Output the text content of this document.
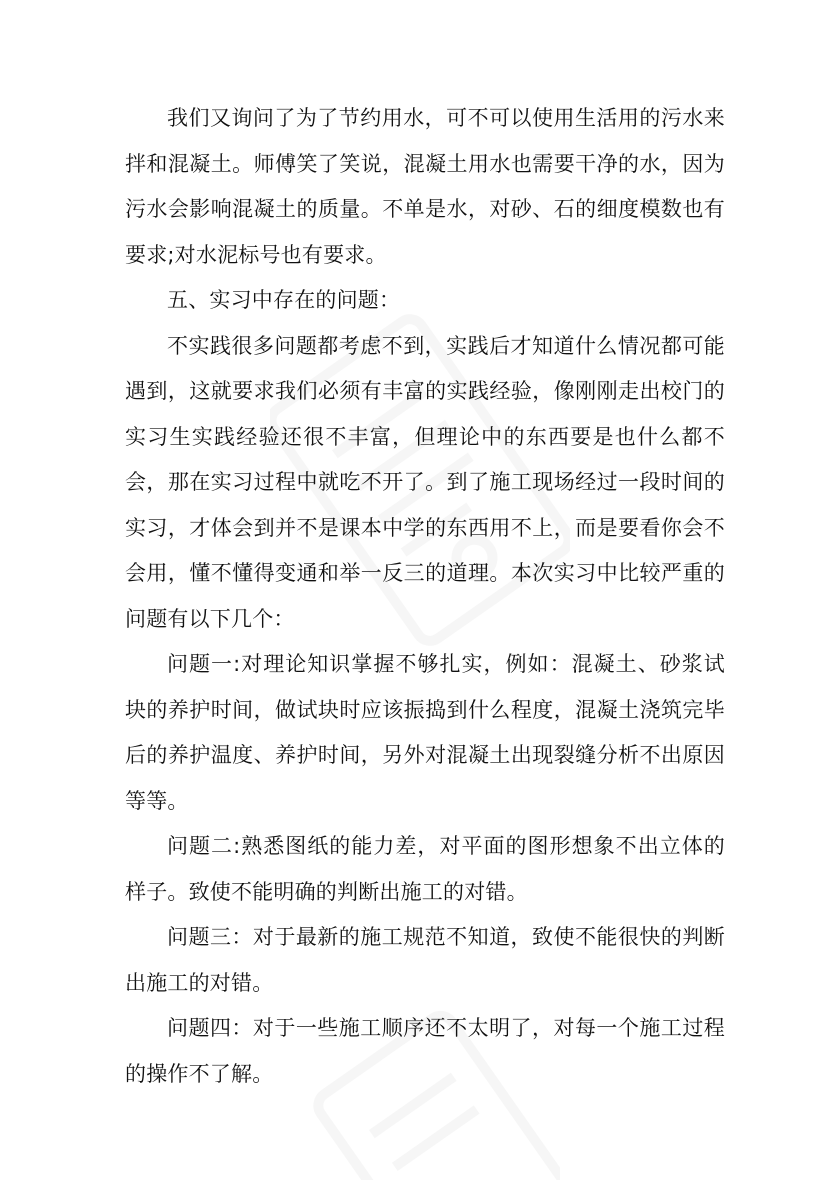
我们又询问了为了节约用水，可不可以使用生活用的污水来拌和混凝土。师傅笑了笑说，混凝土用水也需要干净的水，因为污水会影响混凝土的质量。不单是水，对砂、石的细度模数也有要求;对水泥标号也有要求。

五、实习中存在的问题：

不实践很多问题都考虑不到，实践后才知道什么情况都可能遇到，这就要求我们必须有丰富的实践经验，像刚刚走出校门的实习生实践经验还很不丰富，但理论中的东西要是也什么都不会，那在实习过程中就吃不开了。到了施工现场经过一段时间的实习，才体会到并不是课本中学的东西用不上，而是要看你会不会用，懂不懂得变通和举一反三的道理。本次实习中比较严重的问题有以下几个：

问题一:对理论知识掌握不够扎实，例如：混凝土、砂浆试块的养护时间，做试块时应该振捣到什么程度，混凝土浇筑完毕后的养护温度、养护时间，另外对混凝土出现裂缝分析不出原因等等。

问题二:熟悉图纸的能力差，对平面的图形想象不出立体的样子。致使不能明确的判断出施工的对错。

问题三：对于最新的施工规范不知道，致使不能很快的判断出施工的对错。

问题四：对于一些施工顺序还不太明了，对每一个施工过程的操作不了解。
